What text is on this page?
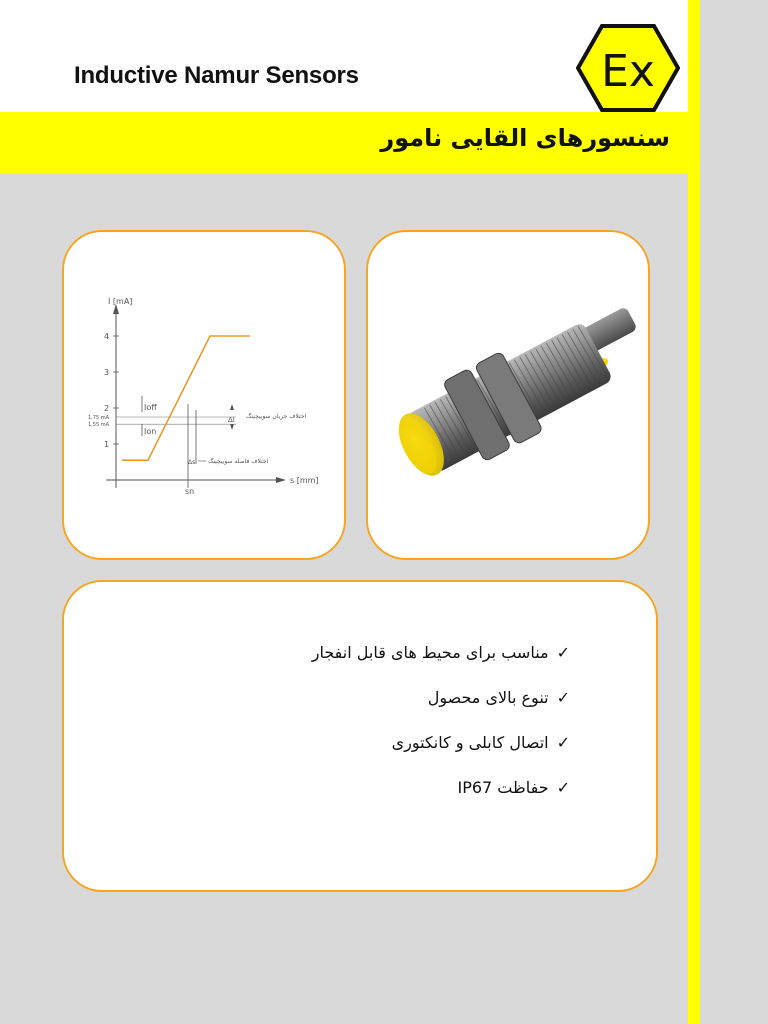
Inductive Namur Sensors
سنسورهای القایی نامور
Ex
I [mA]
s [mm]
1
2
3
4
1,75 mA
1,55 mA
sn
Ioff
Ion
ΔI اختلاف جریان سوییچینگ
Δs اختلاف فاصله سوییچینگ
✓
مناسب برای محیط های قابل انفجار
✓
تنوع بالای محصول
✓
اتصال کابلی و کانکتوری
✓
حفاظت IP67
